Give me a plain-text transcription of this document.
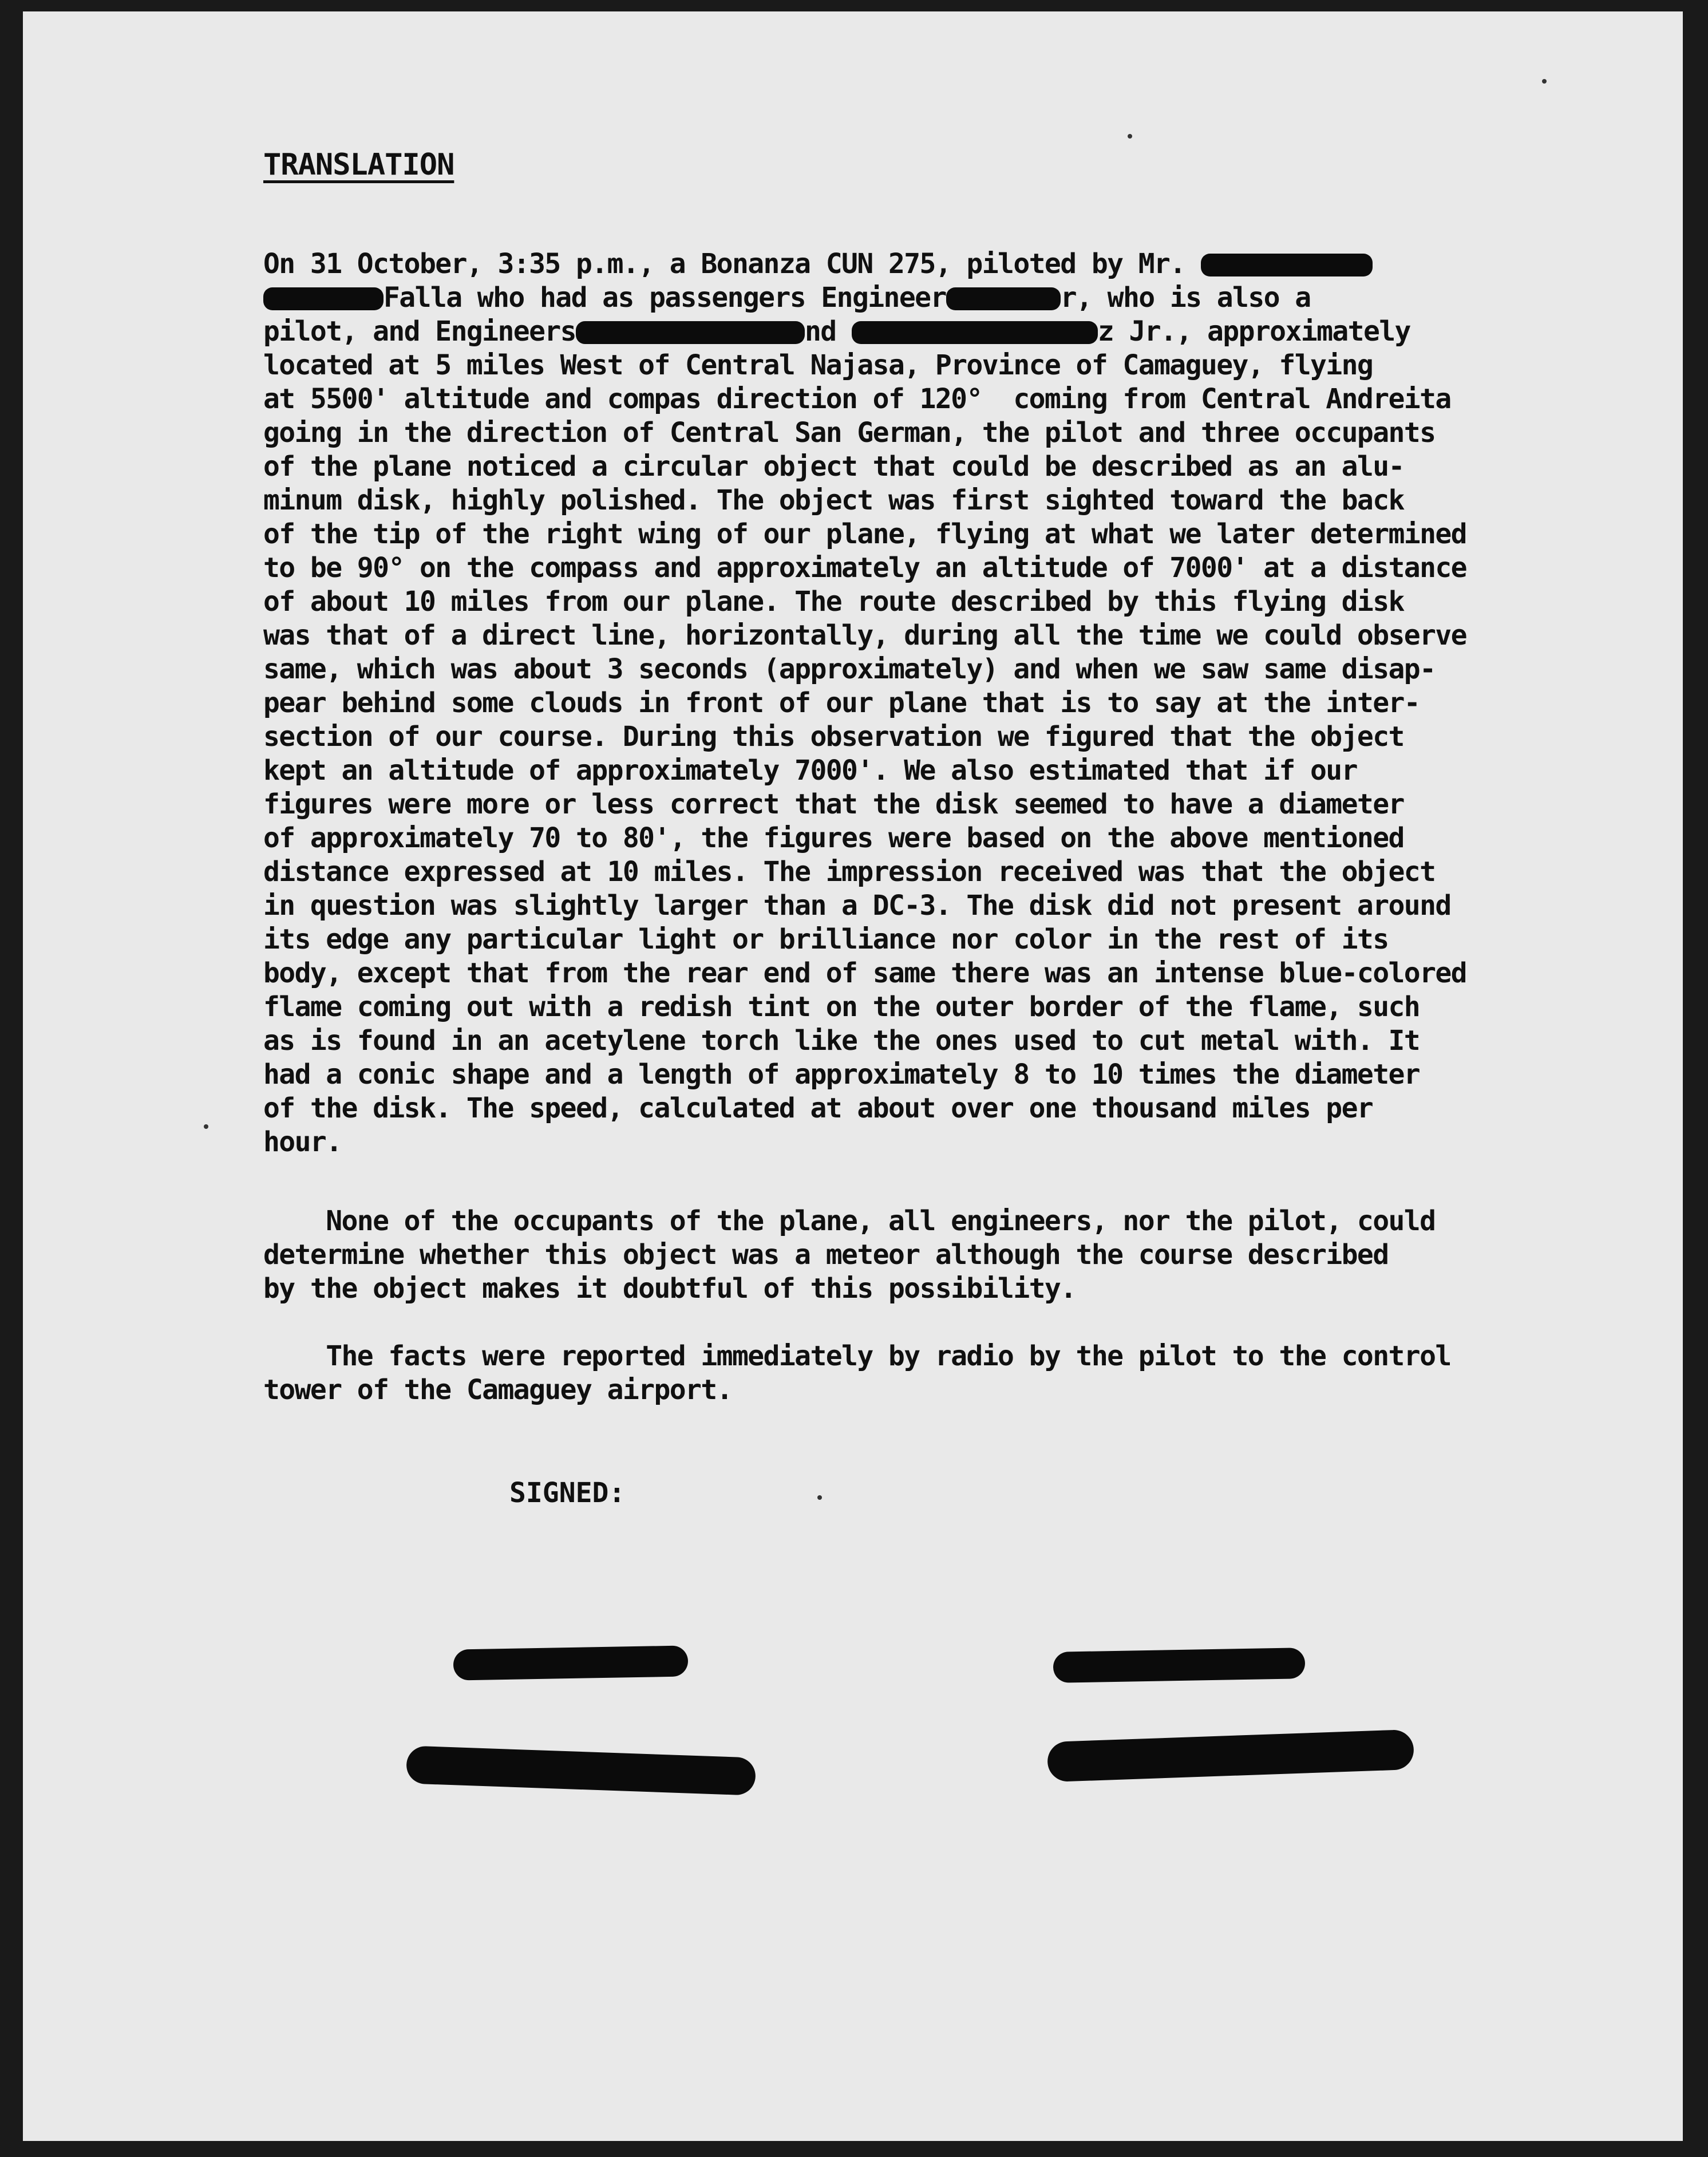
TRANSLATION

On 31 October, 3:35 p.m., a Bonanza CUN 275, piloted by Mr.
Falla who had as passengers Engineer	r, who is also a
pilot, and Engineers	nd	z Jr., approximately
located at 5 miles West of Central Najasa, Province of Camaguey, flying
at 5500' altitude and compas direction of 120°  coming from Central Andreita
going in the direction of Central San German, the pilot and three occupants
of the plane noticed a circular object that could be described as an alu-
minum disk, highly polished. The object was first sighted toward the back
of the tip of the right wing of our plane, flying at what we later determined
to be 90° on the compass and approximately an altitude of 7000' at a distance
of about 10 miles from our plane. The route described by this flying disk
was that of a direct line, horizontally, during all the time we could observe
same, which was about 3 seconds (approximately) and when we saw same disap-
pear behind some clouds in front of our plane that is to say at the inter-
section of our course. During this observation we figured that the object
kept an altitude of approximately 7000'. We also estimated that if our
figures were more or less correct that the disk seemed to have a diameter
of approximately 70 to 80', the figures were based on the above mentioned
distance expressed at 10 miles. The impression received was that the object
in question was slightly larger than a DC-3. The disk did not present around
its edge any particular light or brilliance nor color in the rest of its
body, except that from the rear end of same there was an intense blue-colored
flame coming out with a redish tint on the outer border of the flame, such
as is found in an acetylene torch like the ones used to cut metal with. It
had a conic shape and a length of approximately 8 to 10 times the diameter
of the disk. The speed, calculated at about over one thousand miles per
hour.
None of the occupants of the plane, all engineers, nor the pilot, could
determine whether this object was a meteor although the course described
by the object makes it doubtful of this possibility.
The facts were reported immediately by radio by the pilot to the control
tower of the Camaguey airport.

SIGNED:
